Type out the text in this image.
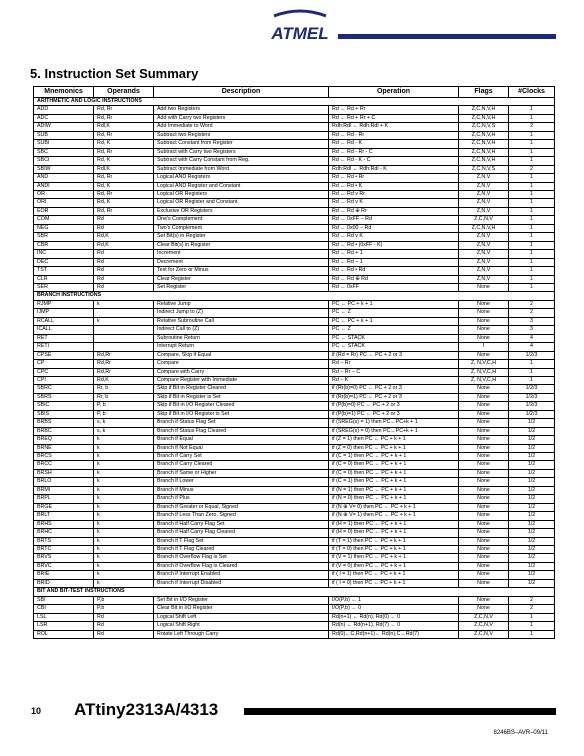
ATMEL
5. Instruction Set Summary
Mnemonics	Operands	Description	Operation	Flags	#Clocks
ARITHMETIC AND LOGIC INSTRUCTIONS					
ADD	Rd, Rr	Add two Registers	Rd ← Rd + Rr	Z,C,N,V,H	1
ADC	Rd, Rr	Add with Carry two Registers	Rd ← Rd + Rr + C	Z,C,N,V,H	1
ADIW	Rdl,K	Add Immediate to Word	Rdh:Rdl ← Rdh:Rdl + K	Z,C,N,V,S	2
SUB	Rd, Rr	Subtract two Registers	Rd ← Rd - Rr	Z,C,N,V,H	1
SUBI	Rd, K	Subtract Constant from Register	Rd ← Rd - K	Z,C,N,V,H	1
SBC	Rd, Rr	Subtract with Carry two Registers	Rd ← Rd - Rr - C	Z,C,N,V,H	1
SBCI	Rd, K	Subtract with Carry Constant from Reg.	Rd ← Rd - K - C	Z,C,N,V,H	1
SBIW	Rdl,K	Subtract Immediate from Word	Rdh:Rdl ← Rdh:Rdl - K	Z,C,N,V,S	2
AND	Rd, Rr	Logical AND Registers	Rd ← Rd • Rr	Z,N,V	1
ANDI	Rd, K	Logical AND Register and Constant	Rd ← Rd • K	Z,N,V	1
OR	Rd, Rr	Logical OR Registers	Rd ← Rd v Rr	Z,N,V	1
ORI	Rd, K	Logical OR Register and Constant	Rd ← Rd v K	Z,N,V	1
EOR	Rd, Rr	Exclusive OR Registers	Rd ← Rd ⊕ Rr	Z,N,V	1
COM	Rd	One's Complement	Rd ← 0xFF − Rd	Z,C,N,V	1
NEG	Rd	Two's Complement	Rd ← 0x00 − Rd	Z,C,N,V,H	1
SBR	Rd,K	Set Bit(s) in Register	Rd ← Rd v K	Z,N,V	1
CBR	Rd,K	Clear Bit(s) in Register	Rd ← Rd • (0xFF - K)	Z,N,V	1
INC	Rd	Increment	Rd ← Rd + 1	Z,N,V	1
DEC	Rd	Decrement	Rd ← Rd − 1	Z,N,V	1
TST	Rd	Test for Zero or Minus	Rd ← Rd • Rd	Z,N,V	1
CLR	Rd	Clear Register	Rd ← Rd ⊕ Rd	Z,N,V	1
SER	Rd	Set Register	Rd ← 0xFF	None	1
BRANCH INSTRUCTIONS					
RJMP	k	Relative Jump	PC ← PC + k + 1	None	2
IJMP		Indirect Jump to (Z)	PC ← Z	None	2
RCALL	k	Relative Subroutine Call	PC ← PC + k + 1	None	3
ICALL		Indirect Call to (Z)	PC ← Z	None	3
RET		Subroutine Return	PC ← STACK	None	4
RETI		Interrupt Return	PC ← STACK	I	4
CPSE	Rd,Rr	Compare, Skip if Equal	if (Rd = Rr) PC ← PC + 2 or 3	None	1/2/3
CP	Rd,Rr	Compare	Rd − Rr	Z, N,V,C,H	1
CPC	Rd,Rr	Compare with Carry	Rd − Rr − C	Z, N,V,C,H	1
CPI	Rd,K	Compare Register with Immediate	Rd − K	Z, N,V,C,H	1
SBRC	Rr, b	Skip if Bit in Register Cleared	if (Rr(b)=0) PC ← PC + 2 or 3	None	1/2/3
SBRS	Rr, b	Skip if Bit in Register is Set	if (Rr(b)=1) PC ← PC + 2 or 3	None	1/2/3
SBIC	P, b	Skip if Bit in I/O Register Cleared	if (P(b)=0) PC ← PC + 2 or 3	None	1/2/3
SBIS	P, b	Skip if Bit in I/O Register is Set	if (P(b)=1) PC ← PC + 2 or 3	None	1/2/3
BRBS	s, k	Branch if Status Flag Set	if (SREG(s) = 1) then PC←PC+k + 1	None	1/2
BRBC	s, k	Branch if Status Flag Cleared	if (SREG(s) = 0) then PC←PC+k + 1	None	1/2
BREQ	k	Branch if Equal	if (Z = 1) then PC ← PC + k + 1	None	1/2
BRNE	k	Branch if Not Equal	if (Z = 0) then PC ← PC + k + 1	None	1/2
BRCS	k	Branch if Carry Set	if (C = 1) then PC ← PC + k + 1	None	1/2
BRCC	k	Branch if Carry Cleared	if (C = 0) then PC ← PC + k + 1	None	1/2
BRSH	k	Branch if Same or Higher	if (C = 0) then PC ← PC + k + 1	None	1/2
BRLO	k	Branch if Lower	if (C = 1) then PC ← PC + k + 1	None	1/2
BRMI	k	Branch if Minus	if (N = 1) then PC ← PC + k + 1	None	1/2
BRPL	k	Branch if Plus	if (N = 0) then PC ← PC + k + 1	None	1/2
BRGE	k	Branch if Greater or Equal, Signed	if (N ⊕ V= 0) then PC ← PC + k + 1	None	1/2
BRLT	k	Branch if Less Than Zero, Signed	if (N ⊕ V= 1) then PC ← PC + k + 1	None	1/2
BRHS	k	Branch if Half Carry Flag Set	if (H = 1) then PC ← PC + k + 1	None	1/2
BRHC	k	Branch if Half Carry Flag Cleared	if (H = 0) then PC ← PC + k + 1	None	1/2
BRTS	k	Branch if T Flag Set	if (T = 1) then PC ← PC + k + 1	None	1/2
BRTC	k	Branch if T Flag Cleared	if (T = 0) then PC ← PC + k + 1	None	1/2
BRVS	k	Branch if Overflow Flag is Set	if (V = 1) then PC ← PC + k + 1	None	1/2
BRVC	k	Branch if Overflow Flag is Cleared	if (V = 0) then PC ← PC + k + 1	None	1/2
BRIE	k	Branch if Interrupt Enabled	if ( I = 1) then PC ← PC + k + 1	None	1/2
BRID	k	Branch if Interrupt Disabled	if ( I = 0) then PC ← PC + k + 1	None	1/2
BIT AND BIT-TEST INSTRUCTIONS					
SBI	P,b	Set Bit in I/O Register	I/O(P,b) ← 1	None	2
CBI	P,b	Clear Bit in I/O Register	I/O(P,b) ← 0	None	2
LSL	Rd	Logical Shift Left	Rd(n+1) ← Rd(n), Rd(0) ← 0	Z,C,N,V	1
LSR	Rd	Logical Shift Right	Rd(n) ← Rd(n+1), Rd(7) ← 0	Z,C,N,V	1
ROL	Rd	Rotate Left Through Carry	Rd(0)←C,Rd(n+1)← Rd(n),C←Rd(7)	Z,C,N,V	1
10 ATtiny2313A/4313
8246BS–AVR–09/11
